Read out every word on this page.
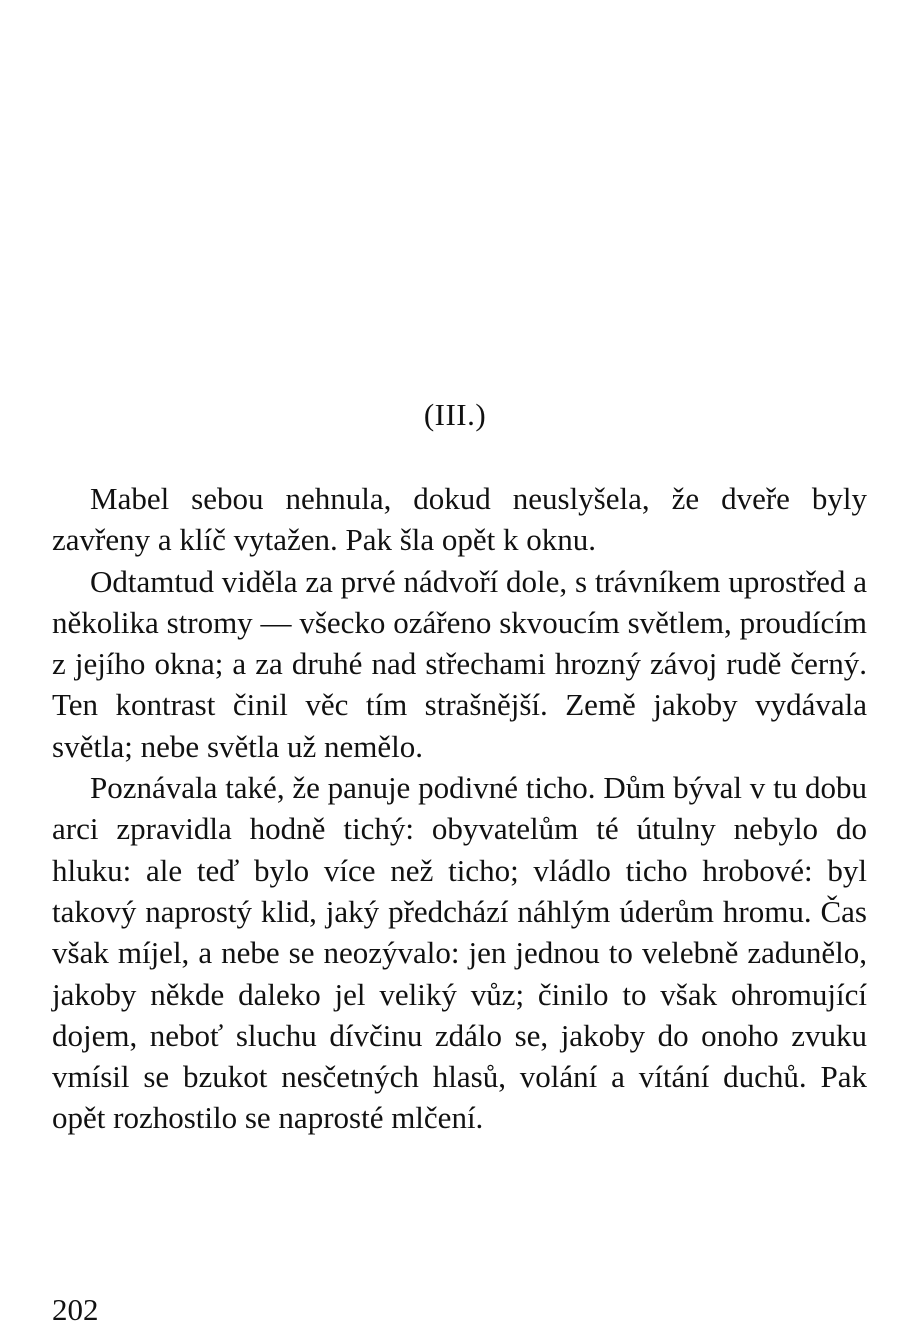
(III.)

Mabel sebou nehnula, dokud neuslyšela, že dveře byly zavřeny a klíč vytažen. Pak šla opět k oknu.

Odtamtud viděla za prvé nádvoří dole, s trávníkem uprostřed a několika stromy — všecko ozářeno skvoucím světlem, proudícím z jejího okna; a za druhé nad střechami hrozný závoj rudě černý. Ten kontrast činil věc tím strašnější. Země jakoby vydávala světla; nebe světla už nemělo.

Poznávala také, že panuje podivné ticho. Dům býval v tu dobu arci zpravidla hodně tichý: obyvatelům té útulny nebylo do hluku: ale teď bylo více než ticho; vládlo ticho hrobové: byl takový naprostý klid, jaký předchází náhlým úderům hromu. Čas však míjel, a nebe se neozývalo: jen jednou to velebně zadunělo, jakoby někde daleko jel veliký vůz; činilo to však ohromující dojem, neboť sluchu dívčinu zdálo se, jakoby do onoho zvuku vmísil se bzukot nesčetných hlasů, volání a vítání duchů. Pak opět rozhostilo se naprosté mlčení.

202
